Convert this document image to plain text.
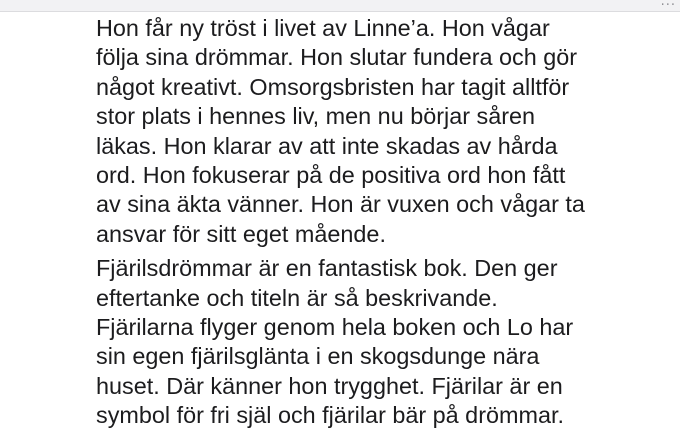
...

Hon får ny tröst i livet av Linne’a. Hon vågar
följa sina drömmar. Hon slutar fundera och gör
något kreativt. Omsorgsbristen har tagit alltför
stor plats i hennes liv, men nu börjar såren
läkas. Hon klarar av att inte skadas av hårda
ord. Hon fokuserar på de positiva ord hon fått
av sina äkta vänner. Hon är vuxen och vågar ta
ansvar för sitt eget mående.

Fjärilsdrömmar är en fantastisk bok. Den ger
eftertanke och titeln är så beskrivande.
Fjärilarna flyger genom hela boken och Lo har
sin egen fjärilsglänta i en skogsdunge nära
huset. Där känner hon trygghet. Fjärilar är en
symbol för fri själ och fjärilar bär på drömmar.
